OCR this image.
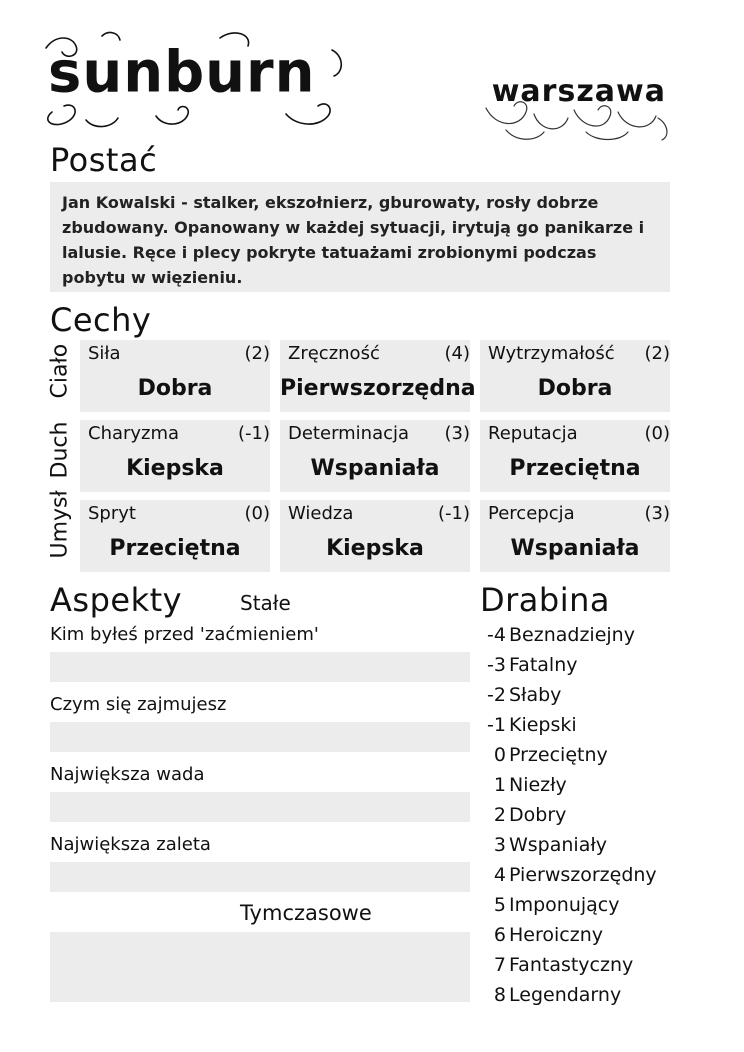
sunburn	warszawa
Postać
Jan Kowalski - stalker, ekszołnierz, gburowaty, rosły dobrze zbudowany. Opanowany w każdej sytuacji, irytują go panikarze i lalusie. Ręce i plecy pokryte tatuażami zrobionymi podczas pobytu w więzieniu.
Cechy
Ciało
Duch
Umysł
Siła	(2)
Dobra
Zręczność	(4)
Pierwszorzędna
Wytrzymałość (2)
Dobra
Charyzma	(-1)
Kiepska
Determinacja (3)
Wspaniała
Reputacja	(0)
Przeciętna
Spryt	(0)
Przeciętna
Wiedza	(-1)
Kiepska
Percepcja	(3)
Wspaniała
Aspekty	Stałe
Kim byłeś przed 'zaćmieniem'
Czym się zajmujesz
Największa wada
Największa zaleta
Tymczasowe
Drabina
-4 Beznadziejny
-3 Fatalny
-2 Słaby
-1 Kiepski
0 Przeciętny
1 Niezły
2 Dobry
3 Wspaniały
4 Pierwszorzędny
5 Imponujący
6 Heroiczny
7 Fantastyczny
8 Legendarny
